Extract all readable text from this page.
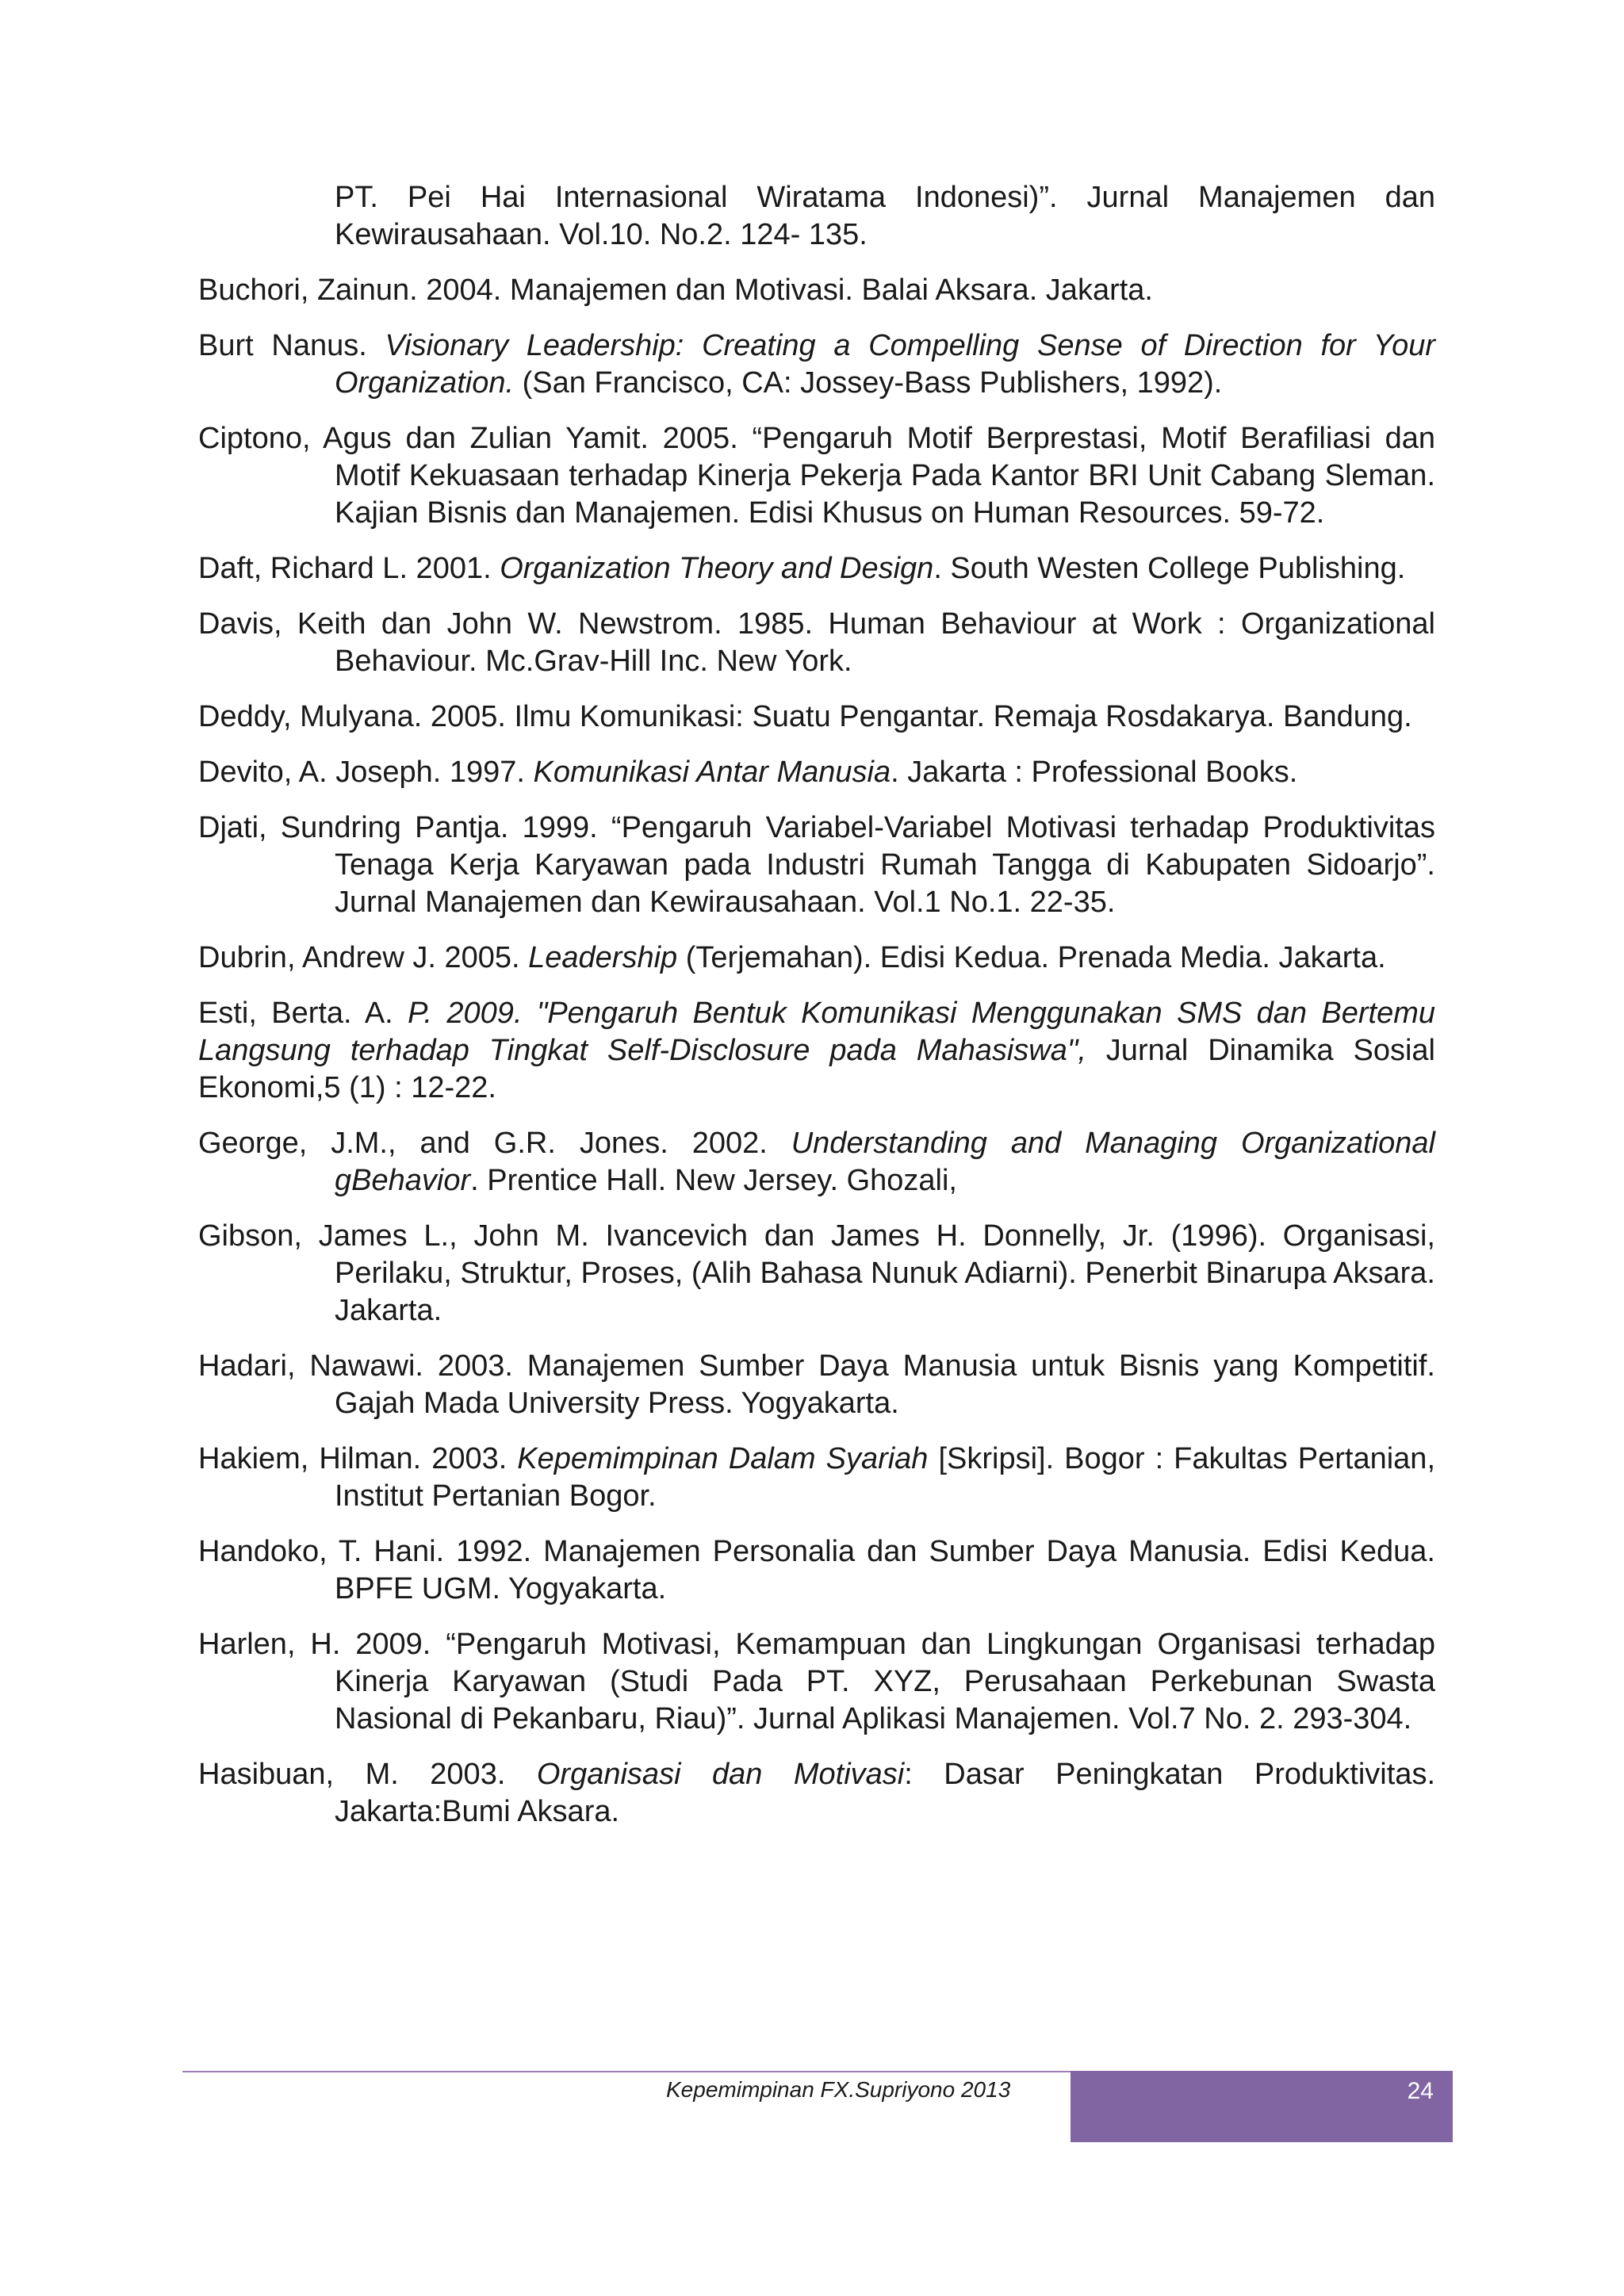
PT. Pei Hai Internasional Wiratama Indonesi)”. Jurnal Manajemen dan Kewirausahaan. Vol.10. No.2. 124- 135.

Buchori, Zainun. 2004. Manajemen dan Motivasi. Balai Aksara. Jakarta.

Burt Nanus. Visionary Leadership: Creating a Compelling Sense of Direction for Your Organization. (San Francisco, CA: Jossey-Bass Publishers, 1992).

Ciptono, Agus dan Zulian Yamit. 2005. “Pengaruh Motif Berprestasi, Motif Berafiliasi dan Motif Kekuasaan terhadap Kinerja Pekerja Pada Kantor BRI Unit Cabang Sleman. Kajian Bisnis dan Manajemen. Edisi Khusus on Human Resources. 59-72.

Daft, Richard L. 2001. Organization Theory and Design. South Westen College Publishing.

Davis, Keith dan John W. Newstrom. 1985. Human Behaviour at Work : Organizational Behaviour. Mc.Grav-Hill Inc. New York.

Deddy, Mulyana. 2005. Ilmu Komunikasi: Suatu Pengantar. Remaja Rosdakarya. Bandung.

Devito, A. Joseph. 1997. Komunikasi Antar Manusia. Jakarta : Professional Books.

Djati, Sundring Pantja. 1999. “Pengaruh Variabel-Variabel Motivasi terhadap Produktivitas Tenaga Kerja Karyawan pada Industri Rumah Tangga di Kabupaten Sidoarjo”. Jurnal Manajemen dan Kewirausahaan. Vol.1 No.1. 22-35.

Dubrin, Andrew J. 2005. Leadership (Terjemahan). Edisi Kedua. Prenada Media. Jakarta.

Esti, Berta. A. P. 2009. "Pengaruh Bentuk Komunikasi Menggunakan SMS dan Bertemu Langsung terhadap Tingkat Self-Disclosure pada Mahasiswa", Jurnal Dinamika Sosial Ekonomi,5 (1) : 12-22.

George, J.M., and G.R. Jones. 2002. Understanding and Managing Organizational gBehavior. Prentice Hall. New Jersey. Ghozali,

Gibson, James L., John M. Ivancevich dan James H. Donnelly, Jr. (1996). Organisasi, Perilaku, Struktur, Proses, (Alih Bahasa Nunuk Adiarni). Penerbit Binarupa Aksara. Jakarta.

Hadari, Nawawi. 2003. Manajemen Sumber Daya Manusia untuk Bisnis yang Kompetitif. Gajah Mada University Press. Yogyakarta.

Hakiem, Hilman. 2003. Kepemimpinan Dalam Syariah [Skripsi]. Bogor : Fakultas Pertanian, Institut Pertanian Bogor.

Handoko, T. Hani. 1992. Manajemen Personalia dan Sumber Daya Manusia. Edisi Kedua. BPFE UGM. Yogyakarta.

Harlen, H. 2009. “Pengaruh Motivasi, Kemampuan dan Lingkungan Organisasi terhadap Kinerja Karyawan (Studi Pada PT. XYZ, Perusahaan Perkebunan Swasta Nasional di Pekanbaru, Riau)”. Jurnal Aplikasi Manajemen. Vol.7 No. 2. 293-304.

Hasibuan, M. 2003. Organisasi dan Motivasi: Dasar Peningkatan Produktivitas. Jakarta:Bumi Aksara.

Kepemimpinan FX.Supriyono 2013	24
